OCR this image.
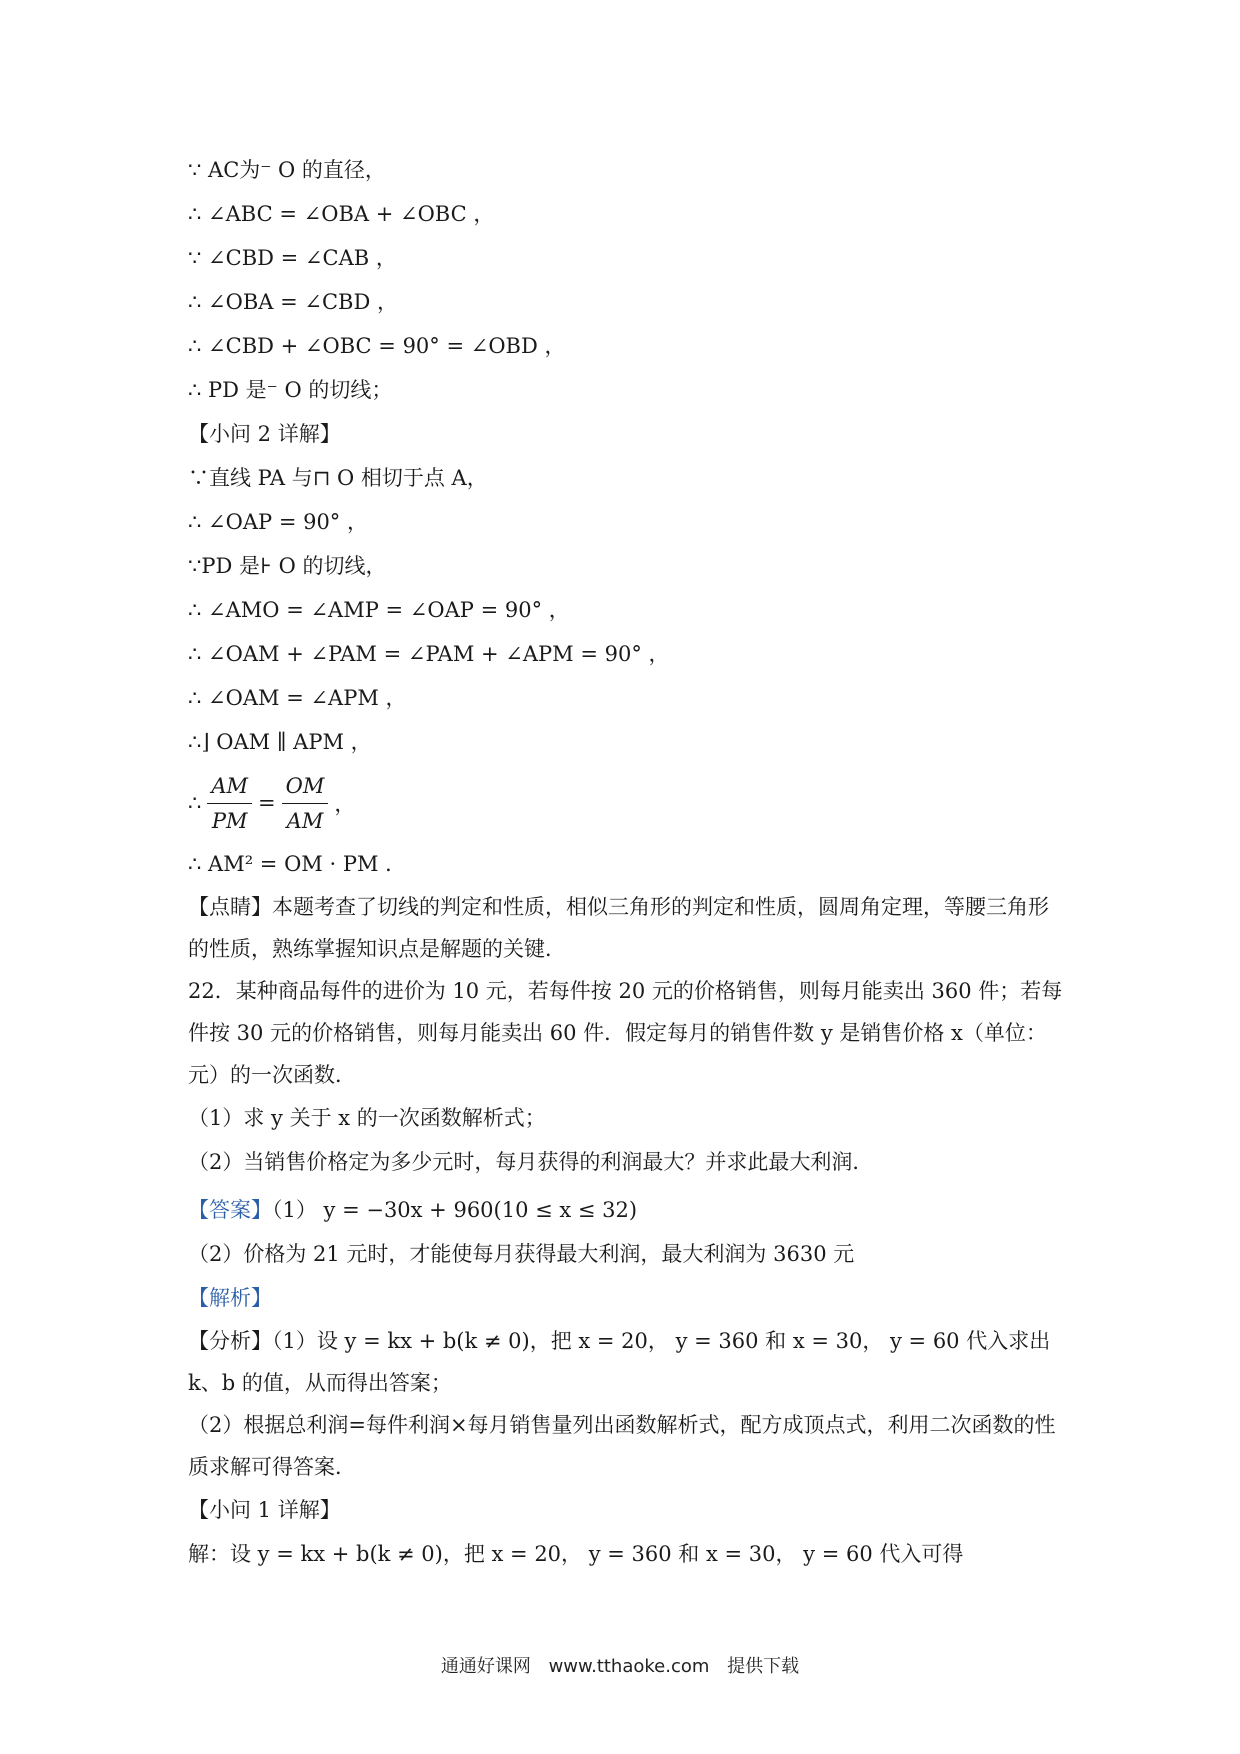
∵ AC为⁻ O 的直径，
∴ ∠ABC = ∠OBA + ∠OBC ，
∵ ∠CBD = ∠CAB ，
∴ ∠OBA = ∠CBD ，
∴ ∠CBD + ∠OBC = 90° = ∠OBD ，
∴ PD 是⁻ O 的切线；
【小问 2 详解】
∵直线 PA 与⊓ O 相切于点 A，
∴ ∠OAP = 90° ，
∵PD 是⊦ O 的切线，
∴ ∠AMO = ∠AMP = ∠OAP = 90° ，
∴ ∠OAM + ∠PAM = ∠PAM + ∠APM = 90° ，
∴ ∠OAM = ∠APM ，
∴⌋ OAM ∥ APM ，
∴ $\frac{AM}{PM} = \frac{OM}{AM}$ ，
∴ AM² = OM · PM ．
【点睛】本题考查了切线的判定和性质，相似三角形的判定和性质，圆周角定理，等腰三角形的性质，熟练掌握知识点是解题的关键．
22．某种商品每件的进价为 10 元，若每件按 20 元的价格销售，则每月能卖出 360 件；若每件按 30 元的价格销售，则每月能卖出 60 件．假定每月的销售件数 y 是销售价格 x（单位：元）的一次函数．
（1）求 y 关于 x 的一次函数解析式；
（2）当销售价格定为多少元时，每月获得的利润最大？并求此最大利润．
【答案】（1） y = −30x + 960(10 ≤ x ≤ 32)
（2）价格为 21 元时，才能使每月获得最大利润，最大利润为 3630 元
【解析】
【分析】（1）设 y = kx + b(k ≠ 0)，把 x = 20， y = 360 和 x = 30， y = 60 代入求出 k、b 的值，从而得出答案；
（2）根据总利润=每件利润×每月销售量列出函数解析式，配方成顶点式，利用二次函数的性质求解可得答案．
【小问 1 详解】
解：设 y = kx + b(k ≠ 0)，把 x = 20， y = 360 和 x = 30， y = 60 代入可得
通通好课网 www.tthaoke.com 提供下载
